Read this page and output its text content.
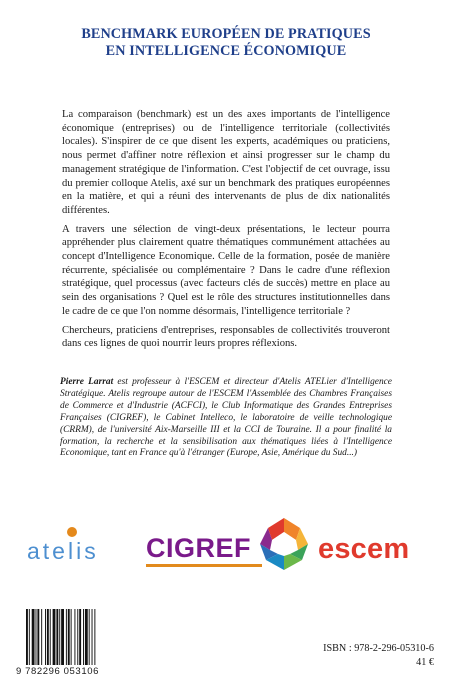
BENCHMARK EUROPÉEN DE PRATIQUES
EN INTELLIGENCE ÉCONOMIQUE

La comparaison (benchmark) est un des axes importants de l'intelligence économique (entreprises) ou de l'intelligence territoriale (collectivités locales). S'inspirer de ce que disent les experts, académiques ou praticiens, nous permet d'affiner notre réflexion et ainsi progresser sur le champ du management stratégique de l'information. C'est l'objectif de cet ouvrage, issu du premier colloque Atelis, axé sur un benchmark des pratiques européennes en la matière, et qui a réuni des intervenants de plus de dix nationalités différentes.

A travers une sélection de vingt-deux présentations, le lecteur pourra appréhender plus clairement quatre thématiques communément attachées au concept d'Intelligence Economique. Celle de la formation, posée de manière récurrente, spécialisée ou complémentaire ? Dans le cadre d'une réflexion stratégique, quel processus (avec facteurs clés de succès) mettre en place au sein des organisations ? Quel est le rôle des structures institutionnelles dans le cadre de ce que l'on nomme désormais, l'intelligence territoriale ?

Chercheurs, praticiens d'entreprises, responsables de collectivités trouveront dans ces lignes de quoi nourrir leurs propres réflexions.

Pierre Larrat est professeur à l'ESCEM et directeur d'Atelis ATELier d'Intelligence Stratégique. Atelis regroupe autour de l'ESCEM l'Assemblée des Chambres Françaises de Commerce et d'Industrie (ACFCI), le Club Informatique des Grandes Entreprises Françaises (CIGREF), le Cabinet Intelleco, le laboratoire de veille technologique (CRRM), de l'université Aix-Marseille III et la CCI de Touraine. Il a pour finalité la formation, la recherche et la sensibilisation aux thématiques liées à l'Intelligence Economique, tant en France qu'à l'étranger (Europe, Asie, Amérique du Sud...)
atelis CIGREF escem
9 782296 053106
ISBN : 978-2-296-05310-6
41 €
